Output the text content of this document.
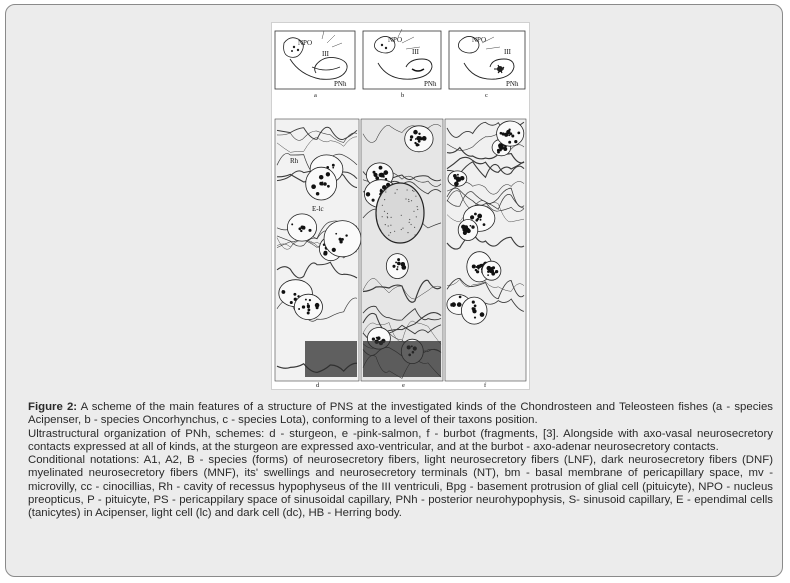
NPO
III
PNh
a
NPO
III
PNh
b
NPO
III
PNh
c
Rh
E-lc
d	e	f

Figure 2: A scheme of the main features of a structure of PNS at the investigated kinds of the Chondrosteen and Teleosteen fishes (a - species Acipenser, b - species Oncorhynchus, c - species Lota), conforming to a level of their taxons position.

Ultrastructural organization of PNh, schemes: d - sturgeon, e -pink-salmon, f - burbot (fragments, [3]. Alongside with axo-vasal neurosecretory contacts expressed at all of kinds, at the sturgeon are expressed axo-ventricular, and at the burbot - axo-adenar neurosecretory contacts.

Conditional notations: A1, A2, B - species (forms) of neurosecretory fibers, light neurosecretory fibers (LNF), dark neurosecretory fibers (DNF) myelinated neurosecretory fibers (MNF), its' swellings and neurosecretory terminals (NT), bm - basal membrane of pericapillary space, mv - microvilly, cc - cinocillias, Rh - cavity of recessus hypophyseus of the III ventriculi, Bpg - basement protrusion of glial cell (pituicyte), NPO - nucleus preopticus, P - pituicyte, PS - pericappilary space of sinusoidal capillary, PNh - posterior neurohypophysis, S- sinusoid capillary, E - ependimal cells (tanicytes) in Acipenser, light cell (lc) and dark cell (dc), HB - Herring body.
